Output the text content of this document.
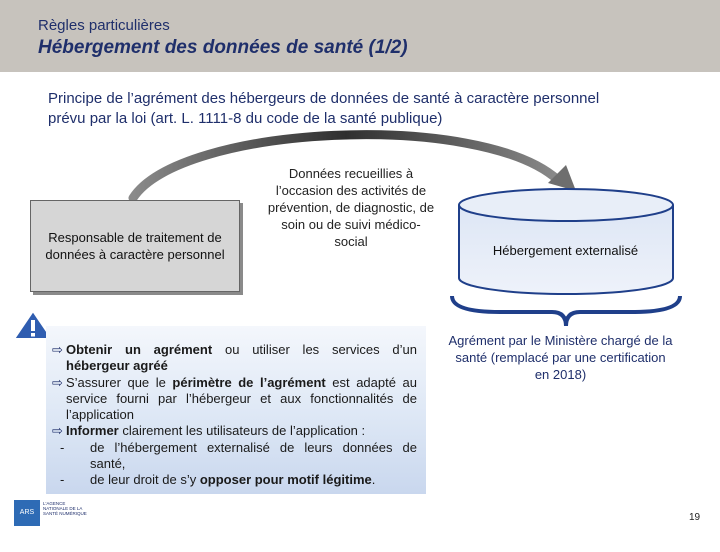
Règles particulières
Hébergement des données de santé (1/2)
Principe de l’agrément des hébergeurs de données de santé à caractère personnel
prévu par la loi (art. L. 1111-8 du code de la santé publique)
Responsable de traitement de données à caractère personnel
Données recueillies à l’occasion des activités de prévention, de diagnostic, de soin ou de suivi médico-social
Hébergement externalisé
Agrément par le Ministère chargé de la santé (remplacé par une certification en 2018)
⇨ Obtenir un agrément ou utiliser les services d’un hébergeur agréé
⇨ S’assurer que le périmètre de l’agrément est adapté au service fourni par l’hébergeur et aux fonctionnalités de l’application
⇨ Informer clairement les utilisateurs de l’application :
-	de l’hébergement externalisé de leurs données de santé,
-	de leur droit de s’y opposer pour motif légitime.
ARS santé
L'AGENCE NATIONALE DE LA SANTÉ NUMÉRIQUE	19
